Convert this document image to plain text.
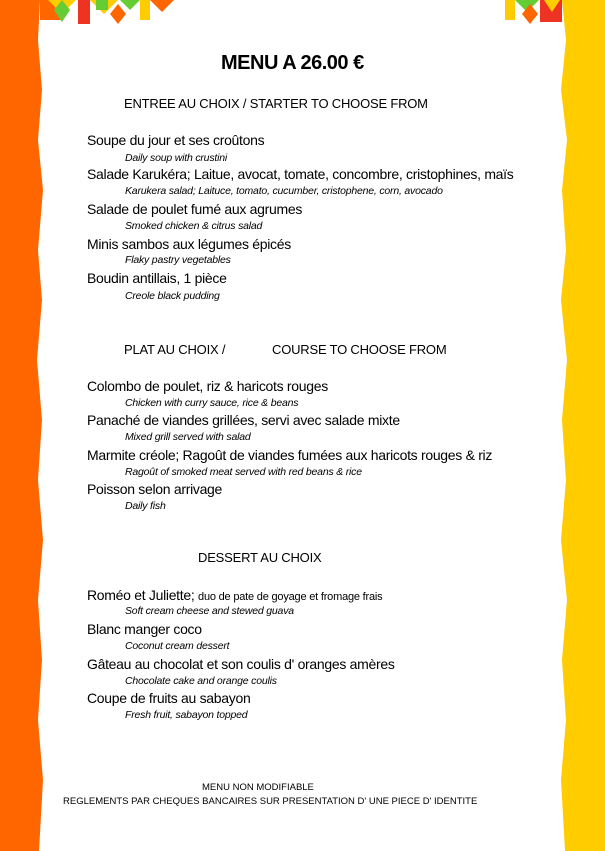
MENU A 26.00 €
ENTREE AU CHOIX / STARTER TO CHOOSE FROM
Soupe du jour et ses croûtons
Daily soup with crustini
Salade Karukéra; Laitue, avocat, tomate, concombre, cristophines, maïs
Karukera salad; Laituce, tomato, cucumber, cristophene, corn, avocado
Salade de poulet fumé aux agrumes
Smoked chicken & citrus salad
Minis sambos aux légumes épicés
Flaky pastry vegetables
Boudin antillais, 1 pièce
Creole black pudding
PLAT AU CHOIX /	COURSE TO CHOOSE FROM
Colombo de poulet, riz & haricots rouges
Chicken with curry sauce, rice & beans
Panaché de viandes grillées, servi avec salade mixte
Mixed grill served with salad
Marmite créole; Ragoût de viandes fumées aux haricots rouges & riz
Ragoût of smoked meat served with red beans & rice
Poisson selon arrivage
Daily fish
DESSERT AU CHOIX
Roméo et Juliette; duo de pate de goyage et fromage frais
Soft cream cheese and stewed guava
Blanc manger coco
Coconut cream dessert
Gâteau au chocolat et son coulis d' oranges amères
Chocolate cake and orange coulis
Coupe de fruits au sabayon
Fresh fruit, sabayon topped
MENU NON MODIFIABLE
REGLEMENTS PAR CHEQUES BANCAIRES SUR PRESENTATION D' UNE PIECE D' IDENTITE
